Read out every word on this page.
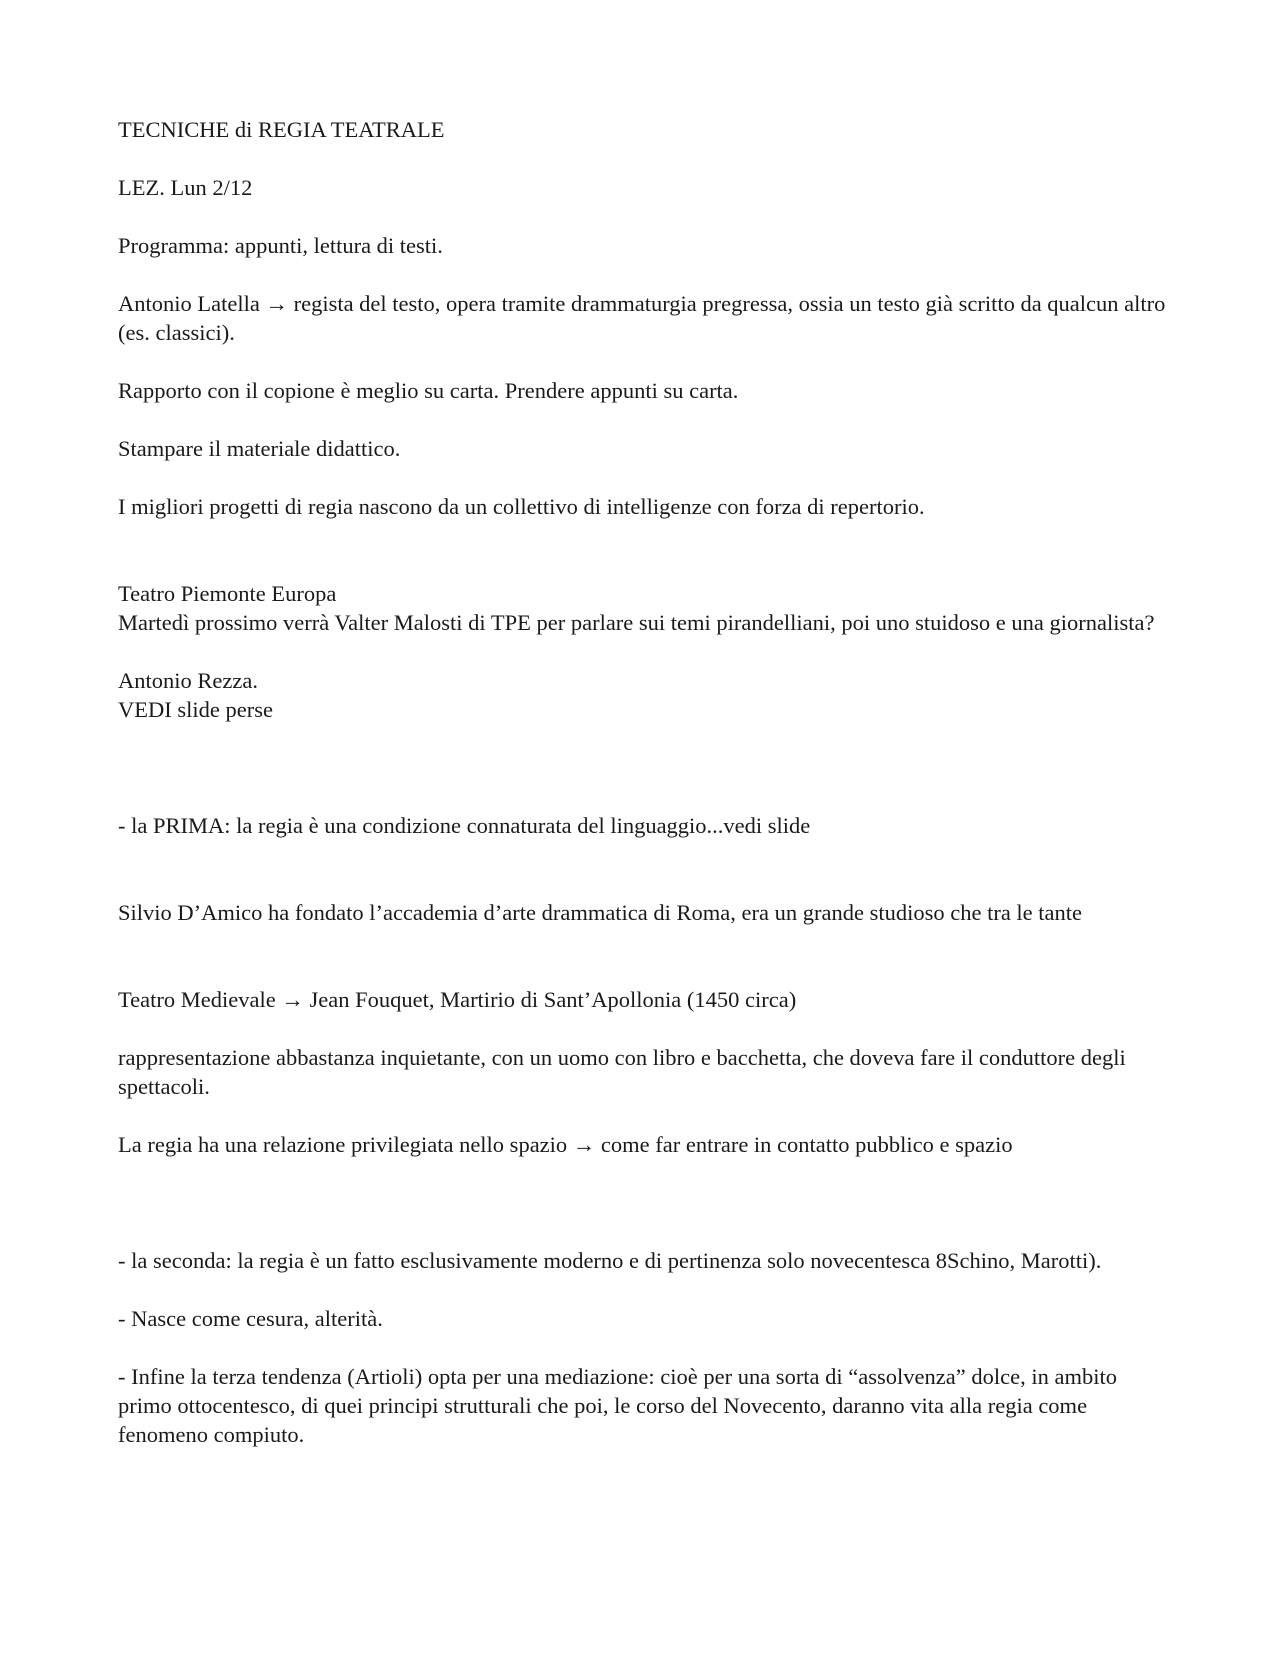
TECNICHE di REGIA TEATRALE

LEZ. Lun 2/12

Programma: appunti, lettura di testi.

Antonio Latella → regista del testo, opera tramite drammaturgia pregressa, ossia un testo già scritto da qualcun altro (es. classici).

Rapporto con il copione è meglio su carta. Prendere appunti su carta.

Stampare il materiale didattico.

I migliori progetti di regia nascono da un collettivo di intelligenze con forza di repertorio.

Teatro Piemonte Europa

Martedì prossimo verrà Valter Malosti di TPE per parlare sui temi pirandelliani, poi uno stuidoso e una giornalista?

Antonio Rezza.

VEDI slide perse

- la PRIMA: la regia è una condizione connaturata del linguaggio...vedi slide

Silvio D’Amico ha fondato l’accademia d’arte drammatica di Roma, era un grande studioso che tra le tante

Teatro Medievale → Jean Fouquet, Martirio di Sant’Apollonia (1450 circa)

rappresentazione abbastanza inquietante, con un uomo con libro e bacchetta, che doveva fare il conduttore degli spettacoli.

La regia ha una relazione privilegiata nello spazio → come far entrare in contatto pubblico e spazio

- la seconda: la regia è un fatto esclusivamente moderno e di pertinenza solo novecentesca 8Schino, Marotti).

- Nasce come cesura, alterità.

- Infine la terza tendenza (Artioli) opta per una mediazione: cioè per una sorta di “assolvenza” dolce, in ambito primo ottocentesco, di quei principi strutturali che poi, le corso del Novecento, daranno vita alla regia come fenomeno compiuto.
